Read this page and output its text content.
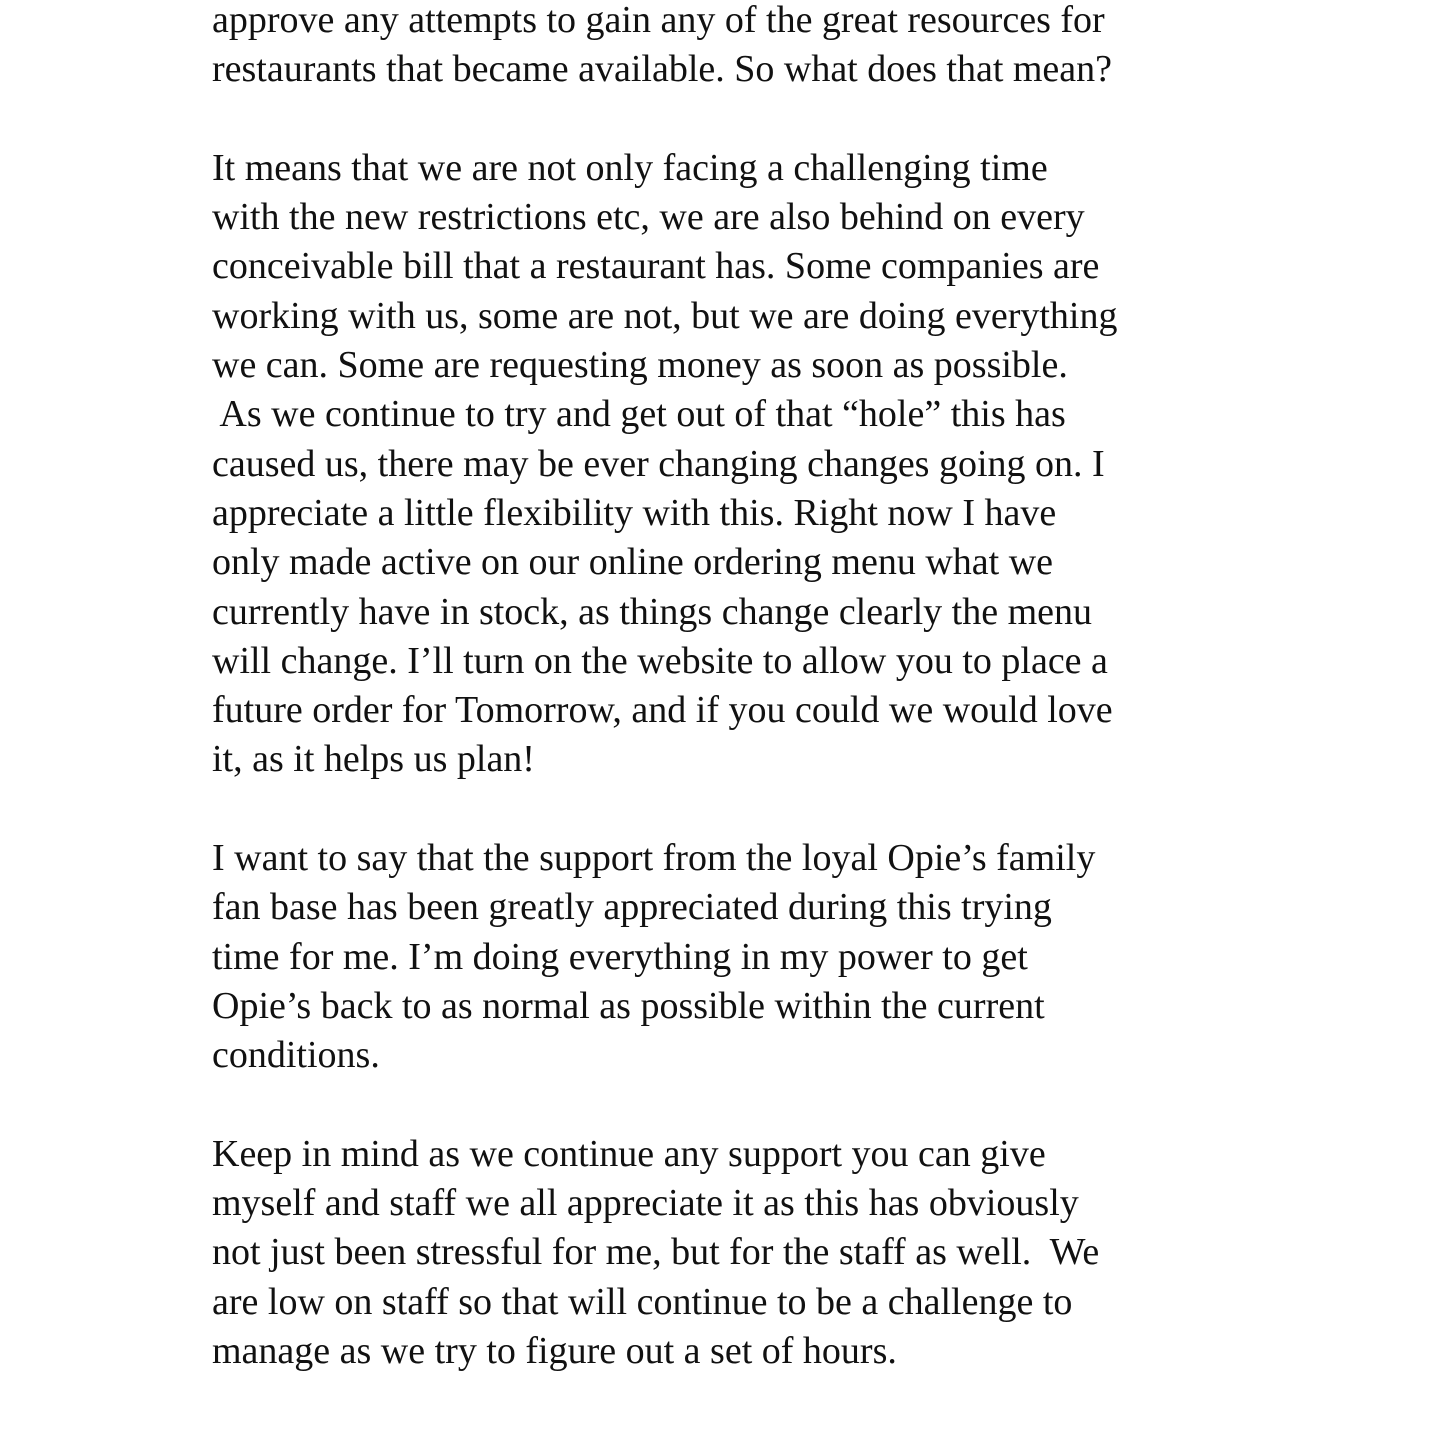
approve any attempts to gain any of the great resources for
restaurants that became available. So what does that mean?
It means that we are not only facing a challenging time
with the new restrictions etc, we are also behind on every
conceivable bill that a restaurant has. Some companies are
working with us, some are not, but we are doing everything
we can. Some are requesting money as soon as possible.
As we continue to try and get out of that “hole” this has
caused us, there may be ever changing changes going on. I
appreciate a little flexibility with this. Right now I have
only made active on our online ordering menu what we
currently have in stock, as things change clearly the menu
will change. I’ll turn on the website to allow you to place a
future order for Tomorrow, and if you could we would love
it, as it helps us plan!
I want to say that the support from the loyal Opie’s family
fan base has been greatly appreciated during this trying
time for me. I’m doing everything in my power to get
Opie’s back to as normal as possible within the current
conditions.
Keep in mind as we continue any support you can give
myself and staff we all appreciate it as this has obviously
not just been stressful for me, but for the staff as well.  We
are low on staff so that will continue to be a challenge to
manage as we try to figure out a set of hours.
